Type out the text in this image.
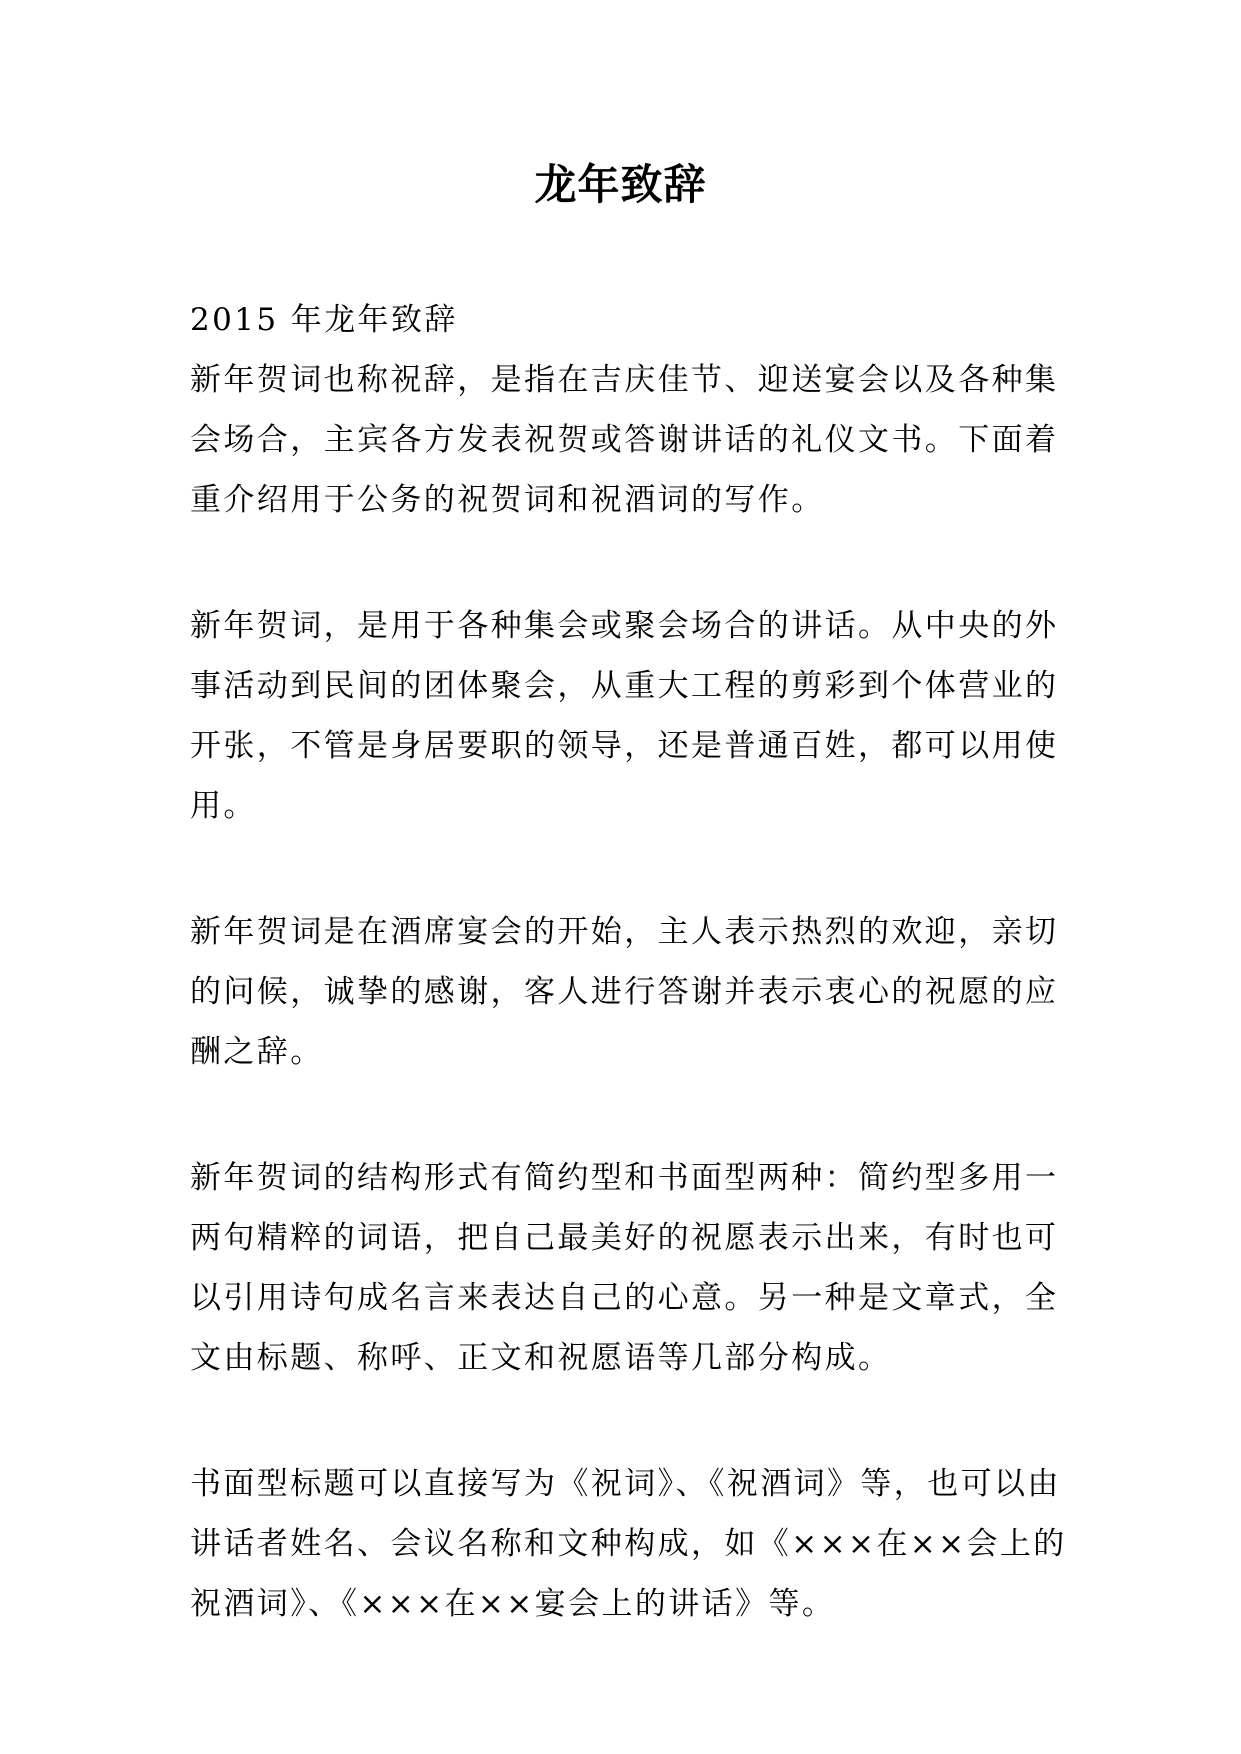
龙年致辞
2015 年龙年致辞
新年贺词也称祝辞，是指在吉庆佳节、迎送宴会以及各种集
会场合，主宾各方发表祝贺或答谢讲话的礼仪文书。下面着
重介绍用于公务的祝贺词和祝酒词的写作。
新年贺词，是用于各种集会或聚会场合的讲话。从中央的外
事活动到民间的团体聚会，从重大工程的剪彩到个体营业的
开张，不管是身居要职的领导，还是普通百姓，都可以用使
用。
新年贺词是在酒席宴会的开始，主人表示热烈的欢迎，亲切
的问候，诚挚的感谢，客人进行答谢并表示衷心的祝愿的应
酬之辞。
新年贺词的结构形式有简约型和书面型两种：简约型多用一
两句精粹的词语，把自己最美好的祝愿表示出来，有时也可
以引用诗句成名言来表达自己的心意。另一种是文章式，全
文由标题、称呼、正文和祝愿语等几部分构成。
书面型标题可以直接写为《祝词》、《祝酒词》等，也可以由
讲话者姓名、会议名称和文种构成，如《×××在××会上的
祝酒词》、《×××在××宴会上的讲话》等。
